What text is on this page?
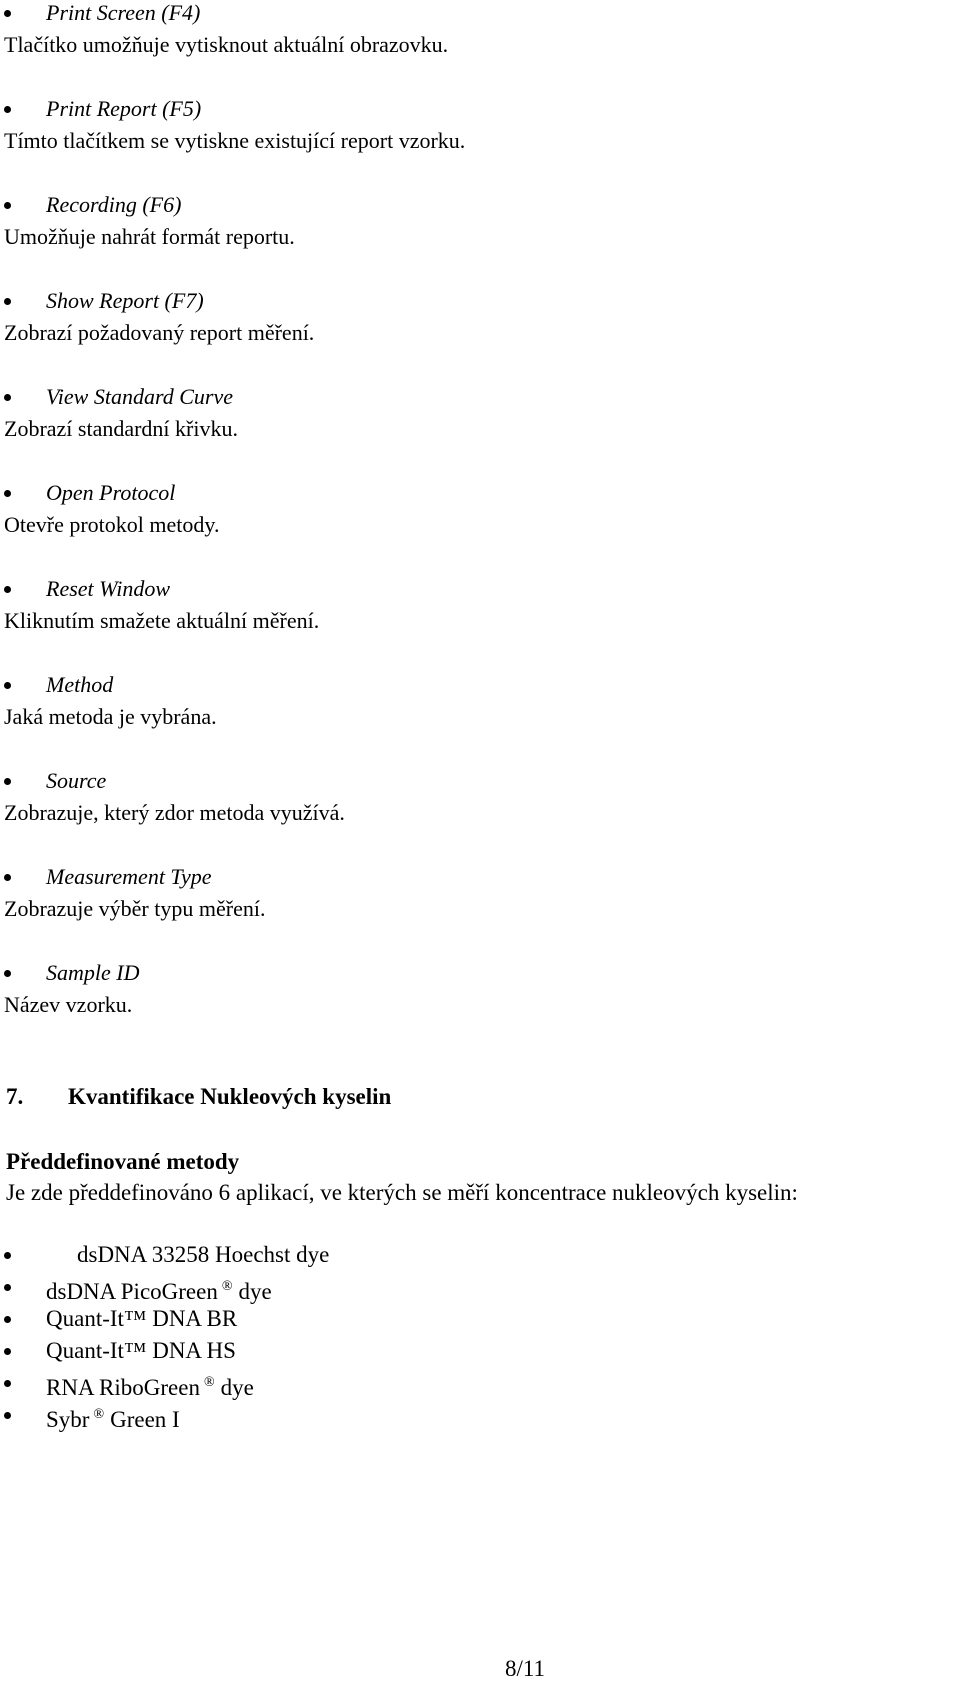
Print Screen (F4)
Tlačítko umožňuje vytisknout aktuální obrazovku.
Print Report (F5)
Tímto tlačítkem se vytiskne existující report vzorku.
Recording (F6)
Umožňuje nahrát formát reportu.
Show Report (F7)
Zobrazí požadovaný report měření.
View Standard Curve
Zobrazí standardní křivku.
Open Protocol
Otevře protokol metody.
Reset Window
Kliknutím smažete aktuální měření.
Method
Jaká metoda je vybrána.
Source
Zobrazuje, který zdor metoda využívá.
Measurement Type
Zobrazuje výběr typu měření.
Sample ID
Název vzorku.
7. Kvantifikace Nukleových kyselin
Předdefinované metody
Je zde předdefinováno 6 aplikací, ve kterých se měří koncentrace nukleových kyselin:
dsDNA 33258 Hoechst dye
dsDNA PicoGreen ® dye
Quant-It™ DNA BR
Quant-It™ DNA HS
RNA RiboGreen ® dye
Sybr ® Green I
8/11
